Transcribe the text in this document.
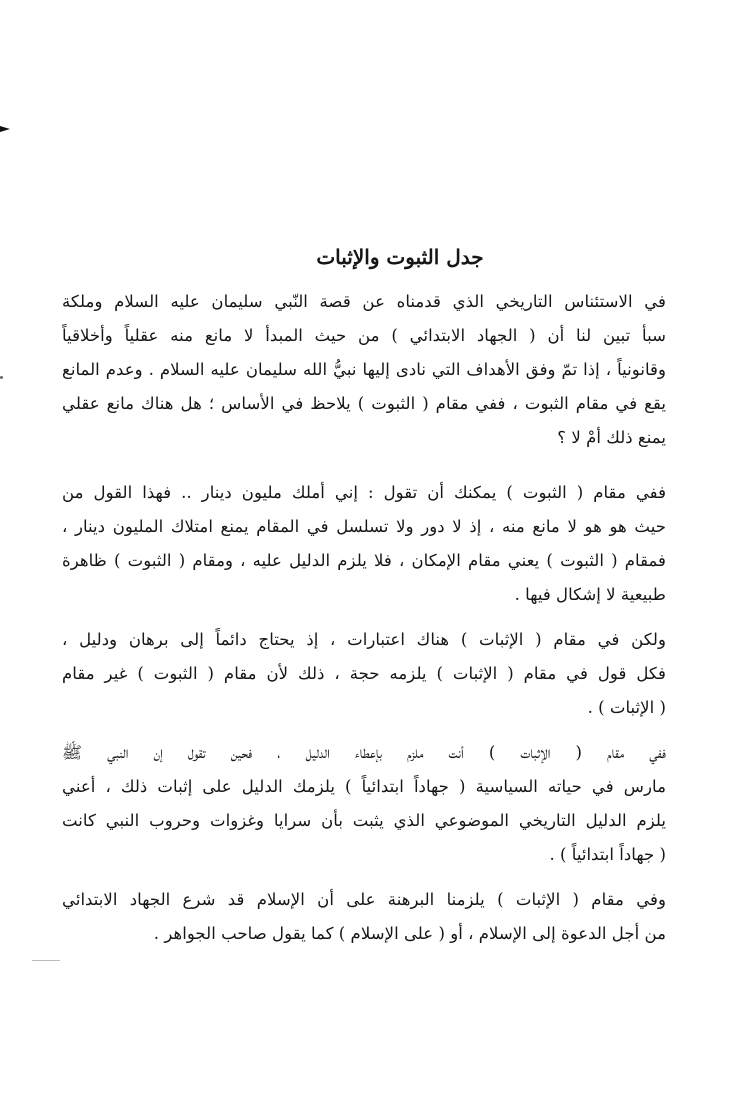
جدل الثبوت والإثبات
في الاستئناس التاريخي الذي قدمناه عن قصة النّبي سليمان عليه السلام وملكة
سبأ تبين لنا أن ( الجهاد الابتدائي ) من حيث المبدأ لا مانع منه عقلياً وأخلاقياً
وقانونياً ، إذا تمّ وفق الأهداف التي نادى إليها نبيُّ الله سليمان عليه السلام . وعدم المانع
يقع في مقام الثبوت ، ففي مقام ( الثبوت ) يلاحظ في الأساس ؛ هل هناك مانع عقلي
يمنع ذلك أمْ لا ؟
ففي مقام ( الثبوت ) يمكنك أن تقول : إني أملك مليون دينار .. فهذا القول من
حيث هو هو لا مانع منه ، إذ لا دور ولا تسلسل في المقام يمنع امتلاك المليون دينار ،
فمقام ( الثبوت ) يعني مقام الإمكان ، فلا يلزم الدليل عليه ، ومقام ( الثبوت ) ظاهرة
طبيعية لا إشكال فيها .
ولكن في مقام ( الإثبات ) هناك اعتبارات ، إذ يحتاج دائماً إلى برهان ودليل ،
فكل قول في مقام ( الإثبات ) يلزمه حجة ، ذلك لأن مقام ( الثبوت ) غير مقام
( الإثبات ) .
ففي مقام ( الإثبات ) أنت ملزم بإعطاء الدليل ، فحين تقول إن النبي ﷺ
مارس في حياته السياسية ( جهاداً ابتدائياً ) يلزمك الدليل على إثبات ذلك ، أعني
يلزم الدليل التاريخي الموضوعي الذي يثبت بأن سرايا وغزوات وحروب النبي كانت
( جهاداً ابتدائياً ) .
وفي مقام ( الإثبات ) يلزمنا البرهنة على أن الإسلام قد شرع الجهاد الابتدائي
من أجل الدعوة إلى الإسلام ، أو ( على الإسلام ) كما يقول صاحب الجواهر .
